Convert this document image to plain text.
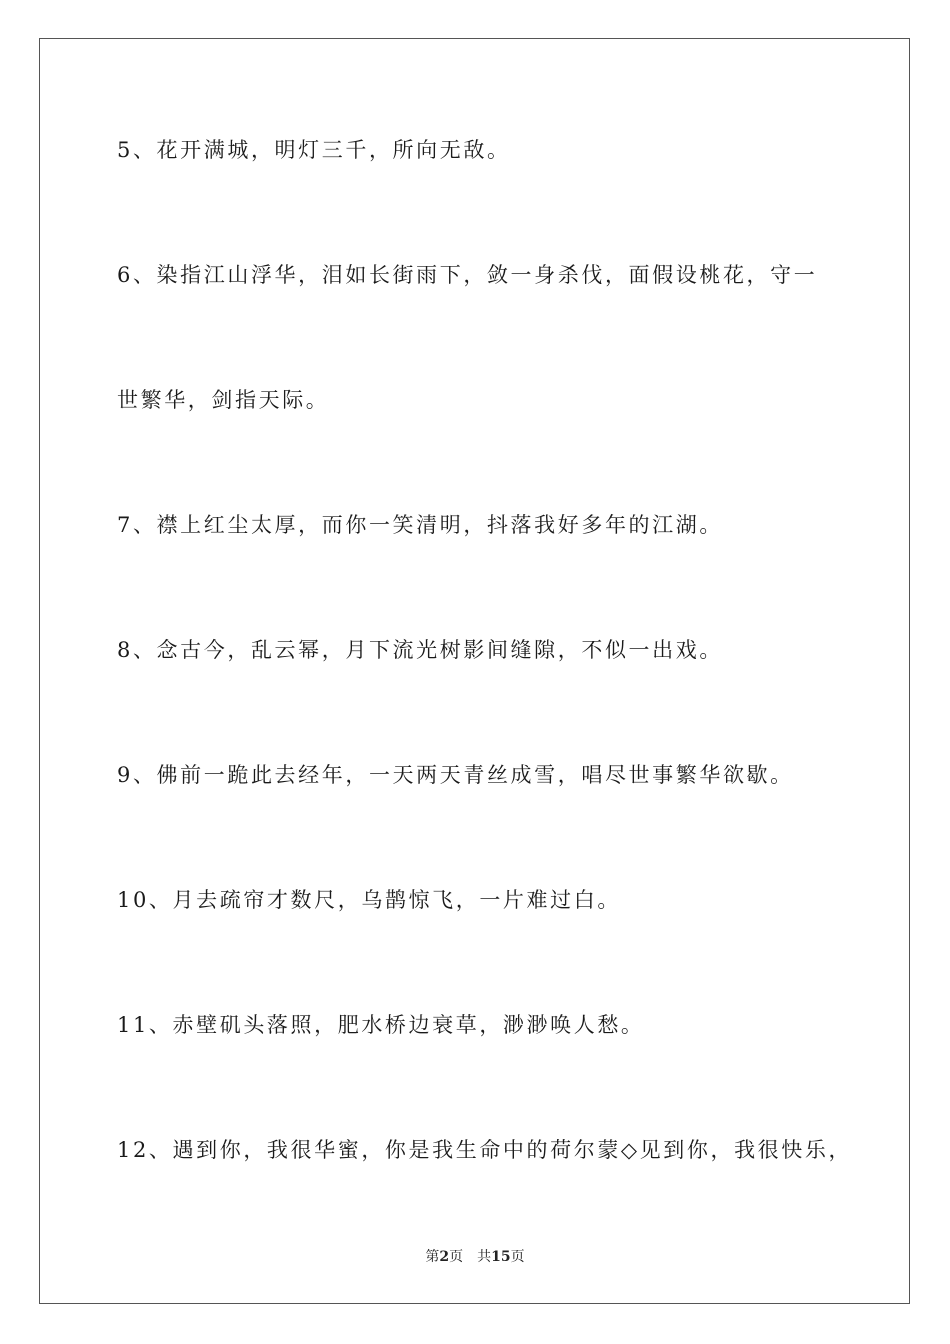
5、花开满城，明灯三千，所向无敌。
6、染指江山浮华，泪如长街雨下，敛一身杀伐，面假设桃花，守一
世繁华，剑指天际。
7、襟上红尘太厚，而你一笑清明，抖落我好多年的江湖。
8、念古今，乱云幂，月下流光树影间缝隙，不似一出戏。
9、佛前一跪此去经年，一天两天青丝成雪，唱尽世事繁华欲歇。
10、月去疏帘才数尺，乌鹊惊飞，一片难过白。
11、赤壁矶头落照，肥水桥边衰草，渺渺唤人愁。
12、遇到你，我很华蜜，你是我生命中的荷尔蒙◇见到你，我很快乐，
第2页 共15页
